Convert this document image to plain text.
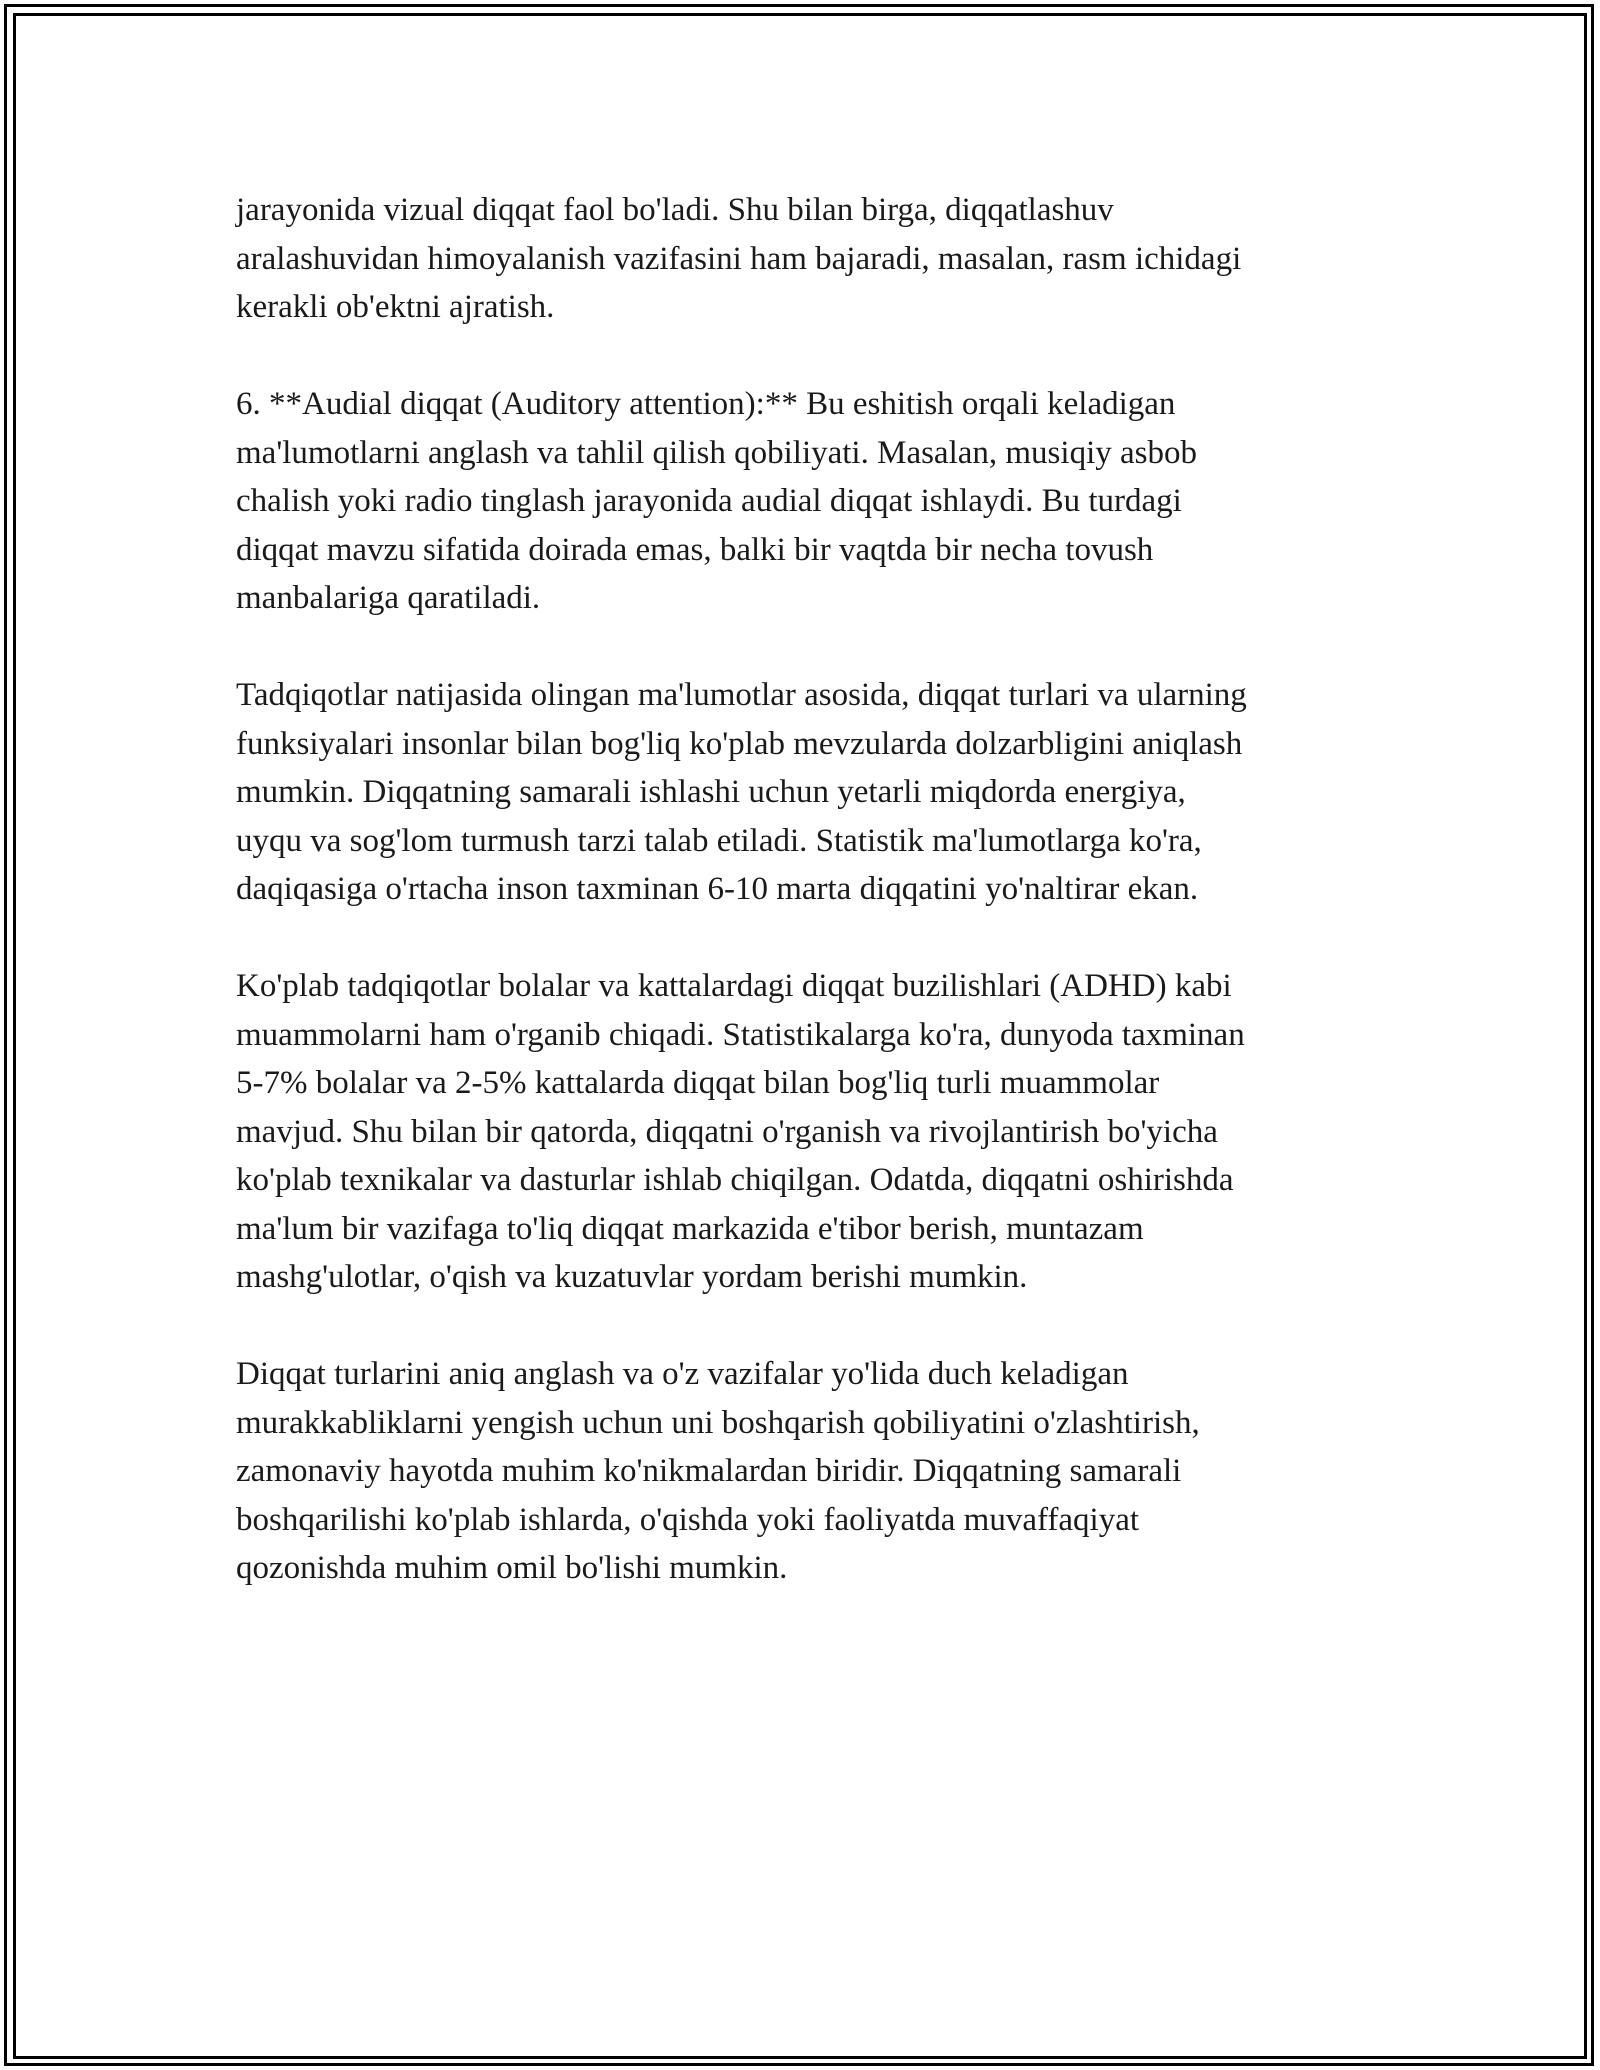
jarayonida vizual diqqat faol bo'ladi. Shu bilan birga, diqqatlashuv
aralashuvidan himoyalanish vazifasini ham bajaradi, masalan, rasm ichidagi
kerakli ob'ektni ajratish.

6. **Audial diqqat (Auditory attention):** Bu eshitish orqali keladigan
ma'lumotlarni anglash va tahlil qilish qobiliyati. Masalan, musiqiy asbob
chalish yoki radio tinglash jarayonida audial diqqat ishlaydi. Bu turdagi
diqqat mavzu sifatida doirada emas, balki bir vaqtda bir necha tovush
manbalariga qaratiladi.

Tadqiqotlar natijasida olingan ma'lumotlar asosida, diqqat turlari va ularning
funksiyalari insonlar bilan bog'liq ko'plab mevzularda dolzarbligini aniqlash
mumkin. Diqqatning samarali ishlashi uchun yetarli miqdorda energiya,
uyqu va sog'lom turmush tarzi talab etiladi. Statistik ma'lumotlarga ko'ra,
daqiqasiga o'rtacha inson taxminan 6-10 marta diqqatini yo'naltirar ekan.

Ko'plab tadqiqotlar bolalar va kattalardagi diqqat buzilishlari (ADHD) kabi
muammolarni ham o'rganib chiqadi. Statistikalarga ko'ra, dunyoda taxminan
5-7% bolalar va 2-5% kattalarda diqqat bilan bog'liq turli muammolar
mavjud. Shu bilan bir qatorda, diqqatni o'rganish va rivojlantirish bo'yicha
ko'plab texnikalar va dasturlar ishlab chiqilgan. Odatda, diqqatni oshirishda
ma'lum bir vazifaga to'liq diqqat markazida e'tibor berish, muntazam
mashg'ulotlar, o'qish va kuzatuvlar yordam berishi mumkin.

Diqqat turlarini aniq anglash va o'z vazifalar yo'lida duch keladigan
murakkabliklarni yengish uchun uni boshqarish qobiliyatini o'zlashtirish,
zamonaviy hayotda muhim ko'nikmalardan biridir. Diqqatning samarali
boshqarilishi ko'plab ishlarda, o'qishda yoki faoliyatda muvaffaqiyat
qozonishda muhim omil bo'lishi mumkin.
